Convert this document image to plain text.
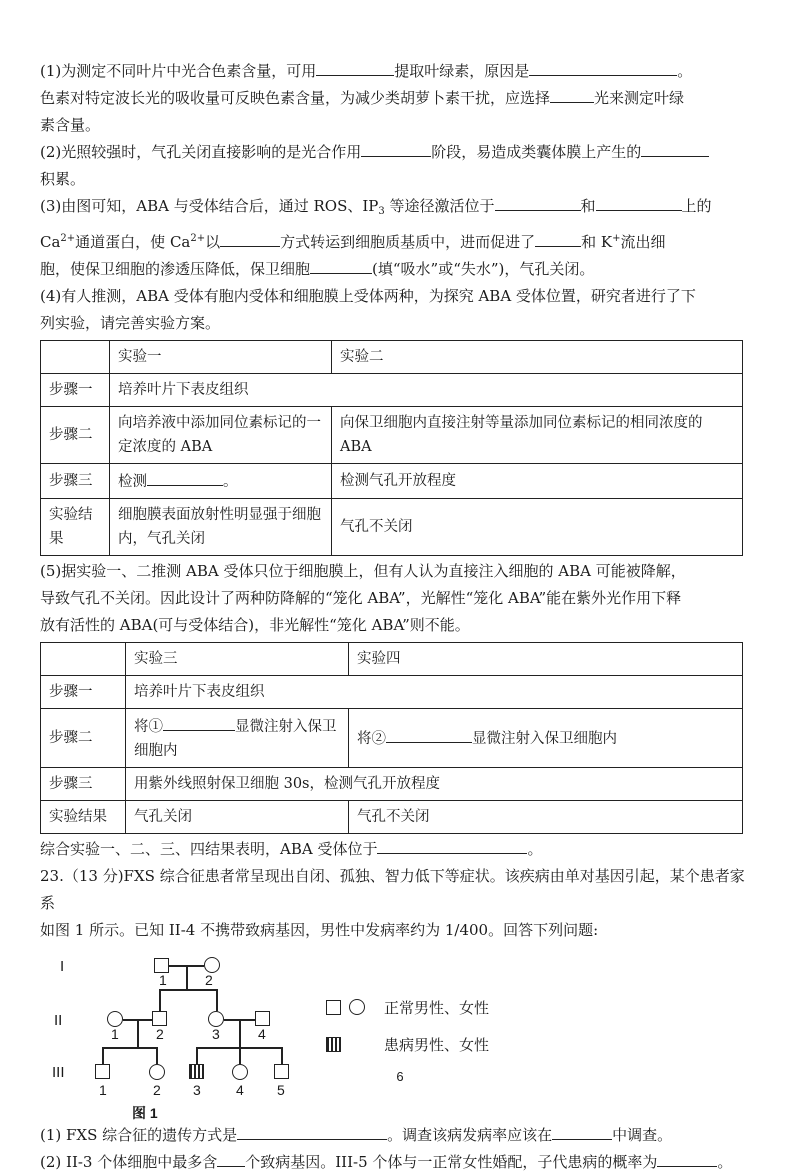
(1)为测定不同叶片中光合色素含量，可用	提取叶绿素，原因是	。
色素对特定波长光的吸收量可反映色素含量，为减少类胡萝卜素干扰，应选择	光来测定叶绿
素含量。

(2)光照较强时，气孔关闭直接影响的是光合作用	阶段，易造成类囊体膜上产生的
积累。

(3)由图可知，ABA 与受体结合后，通过 ROS、$IP_3$ 等途径激活位于	和	上的
$Ca^{2+}$通道蛋白，使 $Ca^{2+}$以	方式转运到细胞质基质中，进而促进了	和 K+流出细
胞，使保卫细胞的渗透压降低，保卫细胞	(填“吸水”或“失水”)，气孔关闭。

(4)有人推测，ABA 受体有胞内受体和细胞膜上受体两种，为探究 ABA 受体位置，研究者进行了下
列实验，请完善实验方案。

	实验一	实验二
步骤一	培养叶片下表皮组织	
步骤二	向培养液中添加同位素标记的一定浓度的 ABA	向保卫细胞内直接注射等量添加同位素标记的相同浓度的 ABA
步骤三	检测 。	检测气孔开放程度
实验结果	细胞膜表面放射性明显强于细胞内，气孔关闭	气孔不关闭

(5)据实验一、二推测 ABA 受体只位于细胞膜上，但有人认为直接注入细胞的 ABA 可能被降解，
导致气孔不关闭。因此设计了两种防降解的“笼化 ABA”，光解性“笼化 ABA”能在紫外光作用下释
放有活性的 ABA(可与受体结合)，非光解性“笼化 ABA”则不能。

	实验三	实验四
步骤一	培养叶片下表皮组织	
步骤二	将① 显微注射入保卫细胞内	将② 显微注射入保卫细胞内
步骤三	用紫外线照射保卫细胞 30s，检测气孔开放程度	
实验结果	气孔关闭	气孔不关闭

综合实验一、二、三、四结果表明，ABA 受体位于	。

23.（13 分)FXS 综合征患者常呈现出自闭、孤独、智力低下等症状。该疾病由单对基因引起，某个患者家系
如图 1 所示。已知 II-4 不携带致病基因，男性中发病率约为 1/400。回答下列问题:

I
II
III
1	2
1	2	3	4
1	2 3	4 5
正常男性、女性
患病男性、女性
图 1

(1) FXS 综合征的遗传方式是	。调查该病发病率应该在	中调查。

(2) II-3 个体细胞中最多含 个致病基因。III-5 个体与一正常女性婚配，子代患病的概率为	。

6
